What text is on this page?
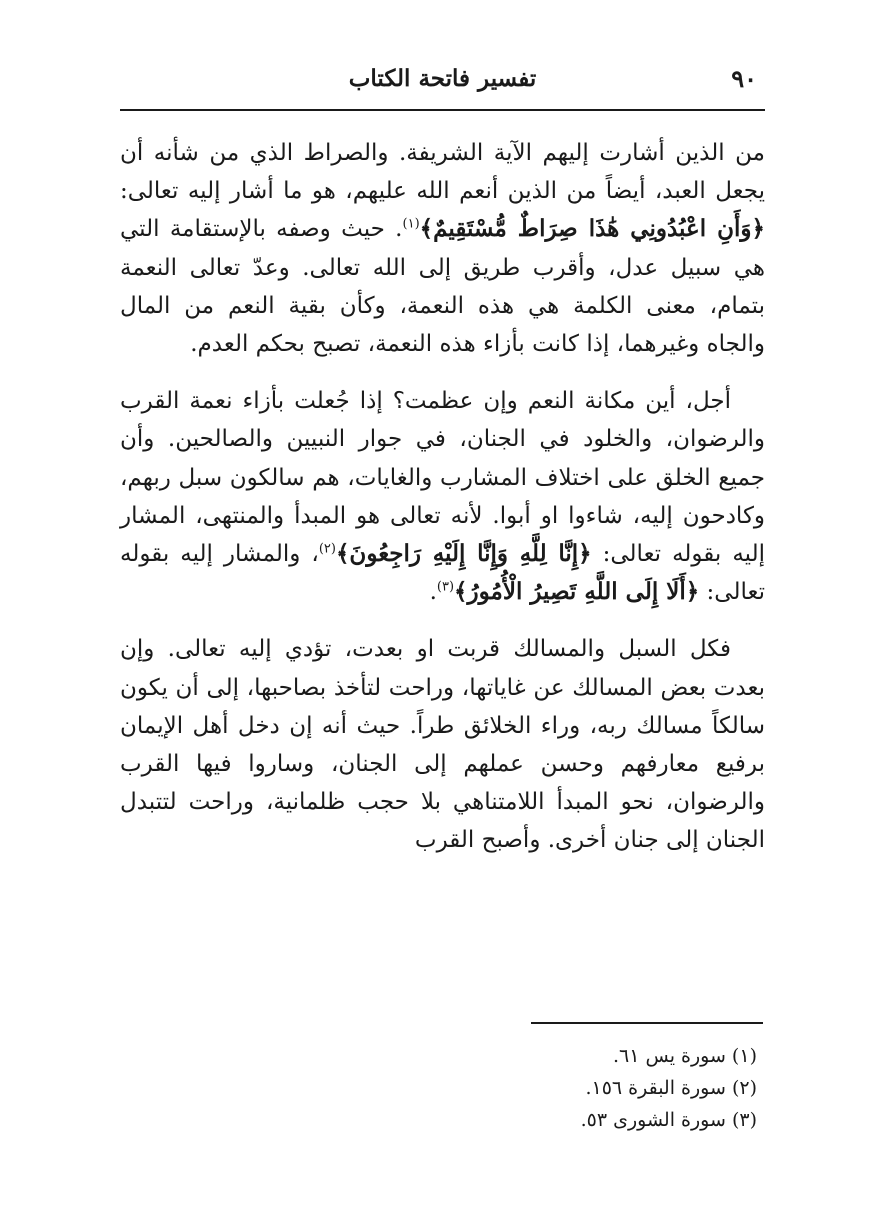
٩٠
تفسير فاتحة الكتاب

من الذين أشارت إليهم الآية الشريفة. والصراط الذي من شأنه أن يجعل العبد، أيضاً من الذين أنعم الله عليهم، هو ما أشار إليه تعالى: ﴿وَأَنِ اعْبُدُونِي هَٰذَا صِرَاطٌ مُّسْتَقِيمٌ﴾$^{(١)}$. حيث وصفه بالإستقامة التي هي سبيل عدل، وأقرب طريق إلى الله تعالى. وعدّ تعالى النعمة بتمام، معنى الكلمة هي هذه النعمة، وكأن بقية النعم من المال والجاه وغيرهما، إذا كانت بأزاء هذه النعمة، تصبح بحكم العدم.

أجل، أين مكانة النعم وإن عظمت؟ إذا جُعلت بأزاء نعمة القرب والرضوان، والخلود في الجنان، في جوار النبيين والصالحين. وأن جميع الخلق على اختلاف المشارب والغايات، هم سالكون سبل ربهم، وكادحون إليه، شاءوا او أبوا. لأنه تعالى هو المبدأ والمنتهى، المشار إليه بقوله تعالى: ﴿إِنَّا لِلَّهِ وَإِنَّا إِلَيْهِ رَاجِعُونَ﴾$^{(٢)}$، والمشار إليه بقوله تعالى: ﴿أَلَا إِلَى اللَّهِ تَصِيرُ الْأُمُورُ﴾$^{(٣)}$.

فكل السبل والمسالك قربت او بعدت، تؤدي إليه تعالى. وإن بعدت بعض المسالك عن غاياتها، وراحت لتأخذ بصاحبها، إلى أن يكون سالكاً مسالك ربه، وراء الخلائق طراً. حيث أنه إن دخل أهل الإيمان برفيع معارفهم وحسن عملهم إلى الجنان، وساروا فيها القرب والرضوان، نحو المبدأ اللامتناهي بلا حجب ظلمانية، وراحت لتتبدل الجنان إلى جنان أخرى. وأصبح القرب

(١) سورة يس ٦١.
(٢) سورة البقرة ١٥٦.
(٣) سورة الشورى ٥٣.
